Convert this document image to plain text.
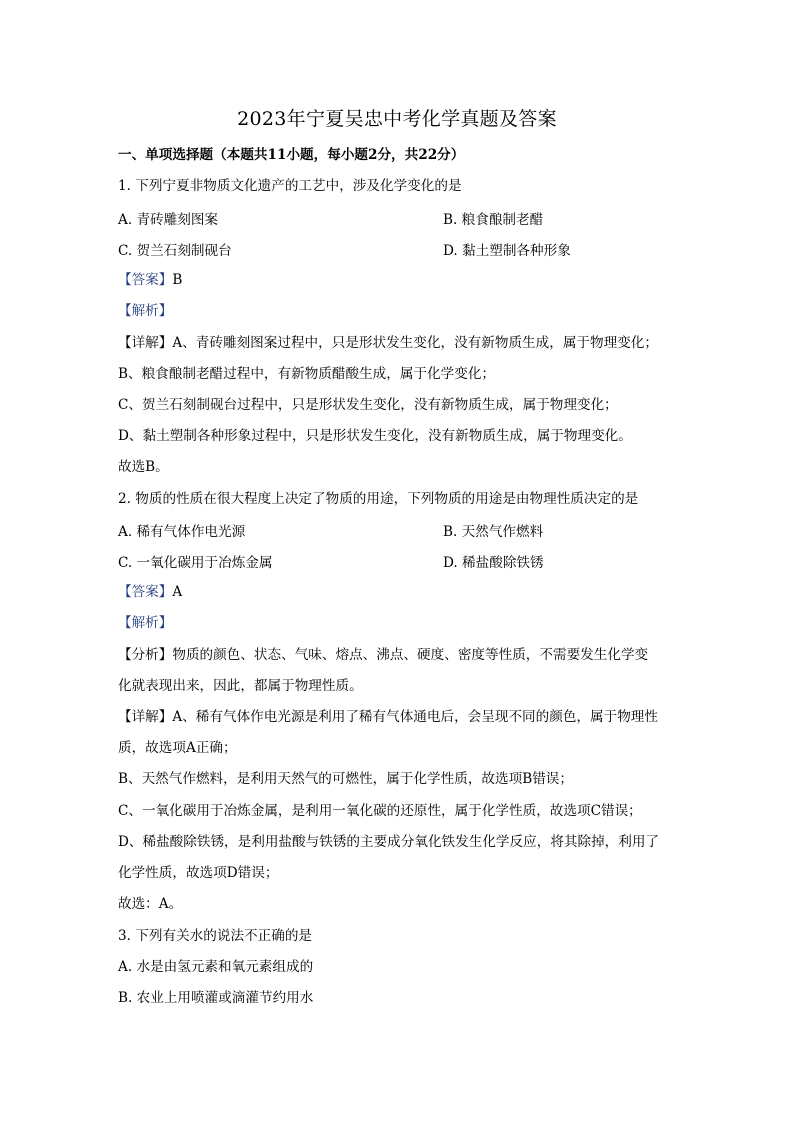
2023年宁夏吴忠中考化学真题及答案
一、单项选择题（本题共11小题，每小题2分，共22分）
1. 下列宁夏非物质文化遗产的工艺中，涉及化学变化的是
A. 青砖雕刻图案	B. 粮食酿制老醋
C. 贺兰石刻制砚台	D. 黏土塑制各种形象
【答案】B
【解析】
【详解】A、青砖雕刻图案过程中，只是形状发生变化，没有新物质生成，属于物理变化；
B、粮食酿制老醋过程中，有新物质醋酸生成，属于化学变化；
C、贺兰石刻制砚台过程中，只是形状发生变化，没有新物质生成，属于物理变化；
D、黏土塑制各种形象过程中，只是形状发生变化，没有新物质生成，属于物理变化。
故选B。
2. 物质的性质在很大程度上决定了物质的用途，下列物质的用途是由物理性质决定的是
A. 稀有气体作电光源	B. 天然气作燃料
C. 一氧化碳用于冶炼金属	D. 稀盐酸除铁锈
【答案】A
【解析】
【分析】物质的颜色、状态、气味、熔点、沸点、硬度、密度等性质，不需要发生化学变
化就表现出来，因此，都属于物理性质。
【详解】A、稀有气体作电光源是利用了稀有气体通电后，会呈现不同的颜色，属于物理性
质，故选项A正确；
B、天然气作燃料，是利用天然气的可燃性，属于化学性质，故选项B错误；
C、一氧化碳用于冶炼金属，是利用一氧化碳的还原性，属于化学性质，故选项C错误；
D、稀盐酸除铁锈，是利用盐酸与铁锈的主要成分氧化铁发生化学反应，将其除掉，利用了
化学性质，故选项D错误；
故选：A。
3. 下列有关水的说法不正确的是
A. 水是由氢元素和氧元素组成的
B. 农业上用喷灌或滴灌节约用水
